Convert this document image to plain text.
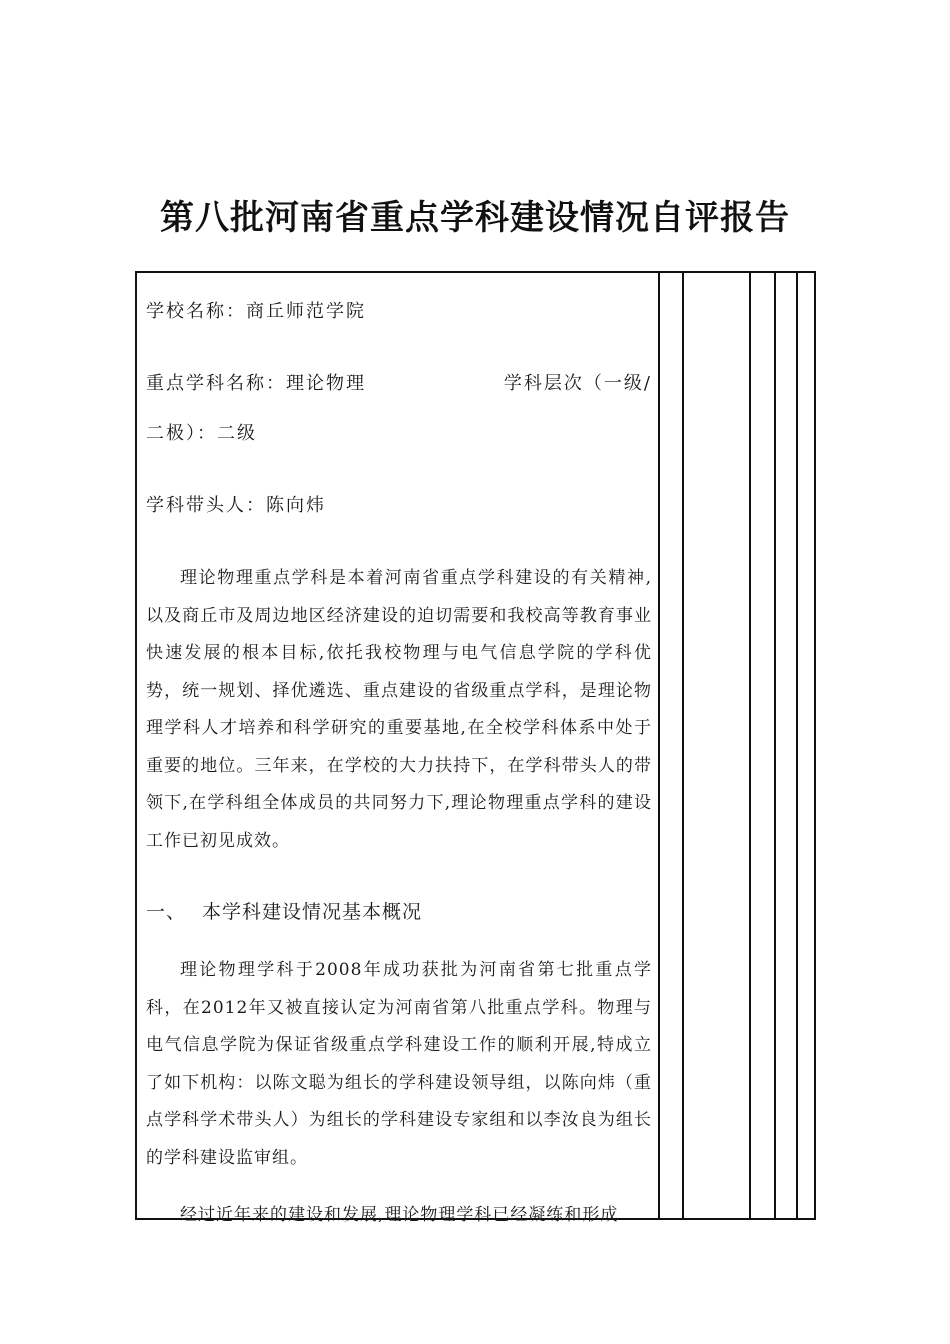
第八批河南省重点学科建设情况自评报告
学校名称：商丘师范学院
重点学科名称：理论物理	学科层次（一级/
二极）：二级
学科带头人：陈向炜

理论物理重点学科是本着河南省重点学科建设的有关精神,以及商丘市及周边地区经济建设的迫切需要和我校高等教育事业快速发展的根本目标,依托我校物理与电气信息学院的学科优势，统一规划、择优遴选、重点建设的省级重点学科，是理论物理学科人才培养和科学研究的重要基地,在全校学科体系中处于重要的地位。三年来，在学校的大力扶持下，在学科带头人的带领下,在学科组全体成员的共同努力下,理论物理重点学科的建设工作已初见成效。

一、 本学科建设情况基本概况

理论物理学科于2008年成功获批为河南省第七批重点学科，在2012年又被直接认定为河南省第八批重点学科。物理与电气信息学院为保证省级重点学科建设工作的顺利开展,特成立了如下机构：以陈文聪为组长的学科建设领导组，以陈向炜（重点学科学术带头人）为组长的学科建设专家组和以李汝良为组长的学科建设监审组。

经过近年来的建设和发展,理论物理学科已经凝练和形成
